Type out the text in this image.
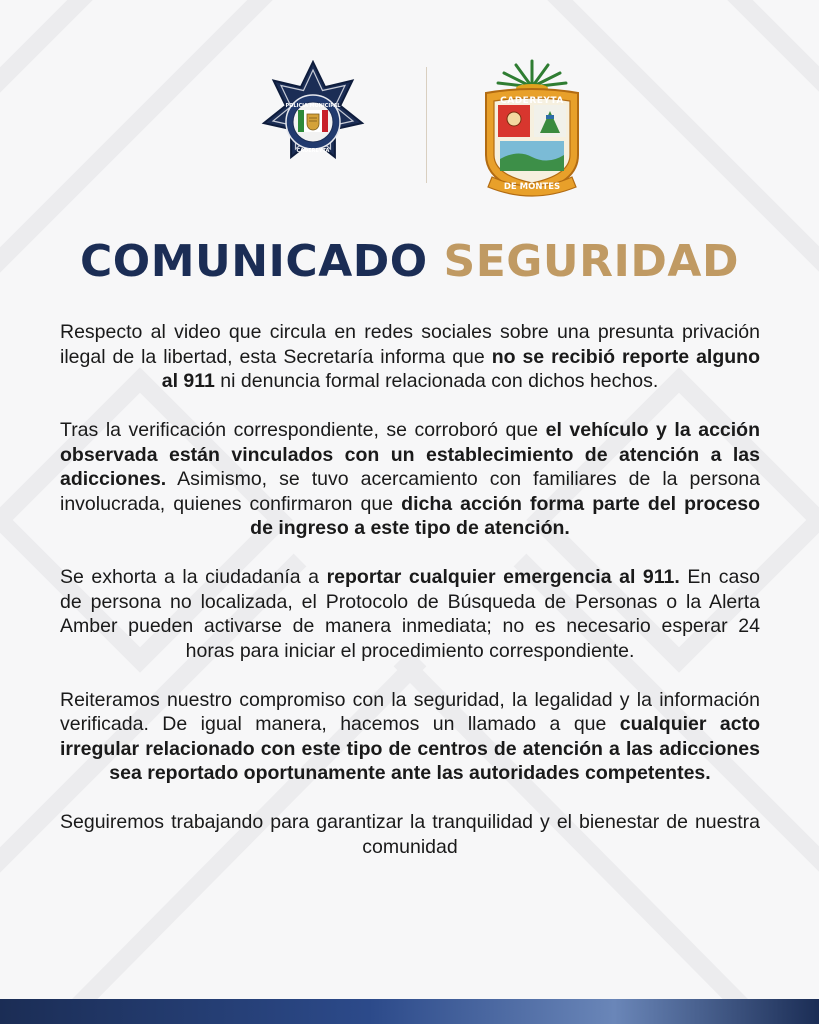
POLICIA MUNICIPAL
CADEREYTA
CADEREYTA
DE MONTES
COMUNICADO SEGURIDAD

Respecto al video que circula en redes sociales sobre una presunta privación ilegal de la libertad, esta Secretaría informa que no se recibió reporte alguno al 911 ni denuncia formal relacionada con dichos hechos.

Tras la verificación correspondiente, se corroboró que el vehículo y la acción observada están vinculados con un establecimiento de atención a las adicciones. Asimismo, se tuvo acercamiento con familiares de la persona involucrada, quienes confirmaron que dicha acción forma parte del proceso de ingreso a este tipo de atención.

Se exhorta a la ciudadanía a reportar cualquier emergencia al 911. En caso de persona no localizada, el Protocolo de Búsqueda de Personas o la Alerta Amber pueden activarse de manera inmediata; no es necesario esperar 24 horas para iniciar el procedimiento correspondiente.

Reiteramos nuestro compromiso con la seguridad, la legalidad y la información verificada. De igual manera, hacemos un llamado a que cualquier acto irregular relacionado con este tipo de centros de atención a las adicciones sea reportado oportunamente ante las autoridades competentes.

Seguiremos trabajando para garantizar la tranquilidad y el bienestar de nuestra comunidad
